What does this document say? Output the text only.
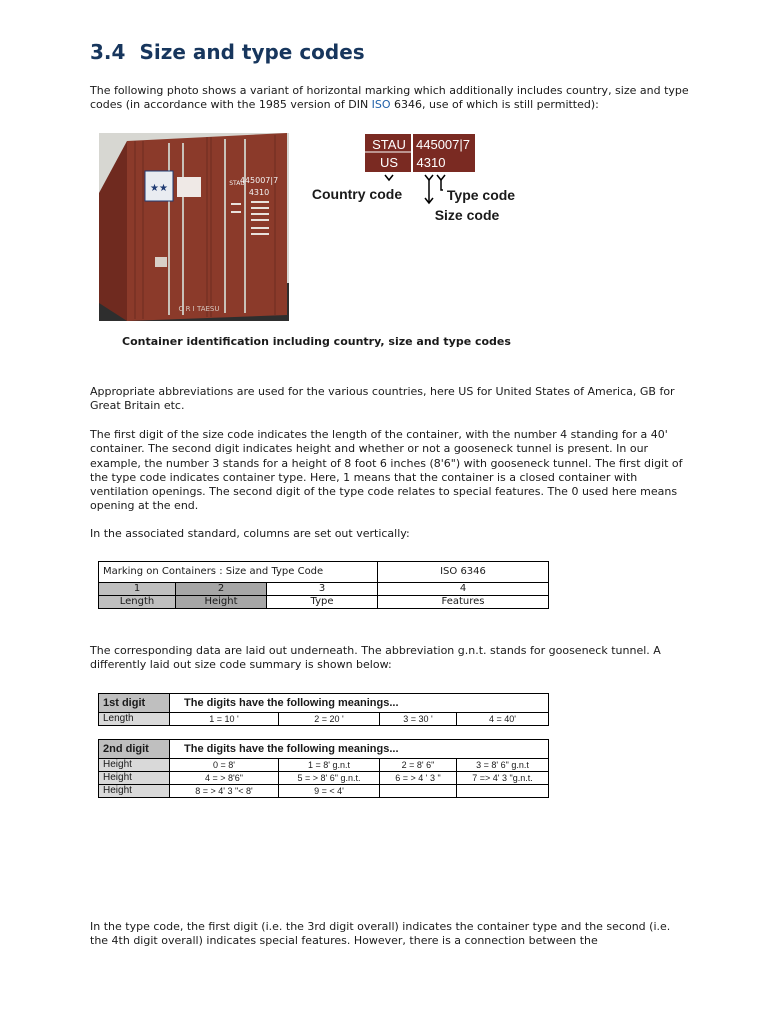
3.4 Size and type codes
The following photo shows a variant of horizontal marking which additionally includes country, size and type codes (in accordance with the 1985 version of DIN ISO 6346, use of which is still permitted):
★★
445007|7
4310
STAU
C R I TAESU
STAU 445007|7
US 4310
Country code	Type code
Size code
Container identification including country, size and type codes
Appropriate abbreviations are used for the various countries, here US for United States of America, GB for Great Britain etc.
The first digit of the size code indicates the length of the container, with the number 4 standing for a 40' container. The second digit indicates height and whether or not a gooseneck tunnel is present. In our example, the number 3 stands for a height of 8 foot 6 inches (8'6") with gooseneck tunnel. The first digit of the type code indicates container type. Here, 1 means that the container is a closed container with ventilation openings. The second digit of the type code relates to special features. The 0 used here means opening at the end.
In the associated standard, columns are set out vertically:
Marking on Containers : Size and Type Code			ISO 6346
1	2	3	4
Length	Height	Type	Features
The corresponding data are laid out underneath. The abbreviation g.n.t. stands for gooseneck tunnel. A differently laid out size code summary is shown below:
1st digit	The digits have the following meanings...			
Length	1 = 10 '	2 = 20 '	3 = 30 '	4 = 40'
2nd digit	The digits have the following meanings...			
Height	0 = 8'	1 = 8' g.n.t	2 = 8' 6"	3 = 8' 6" g.n.t
Height	4 = > 8'6"	5 = > 8' 6" g.n.t.	6 = > 4 ' 3 "	7 => 4' 3 "g.n.t.
Height	8 = > 4' 3 "< 8'	9 = < 4'		
In the type code, the first digit (i.e. the 3rd digit overall) indicates the container type and the second (i.e. the 4th digit overall) indicates special features. However, there is a connection between the
